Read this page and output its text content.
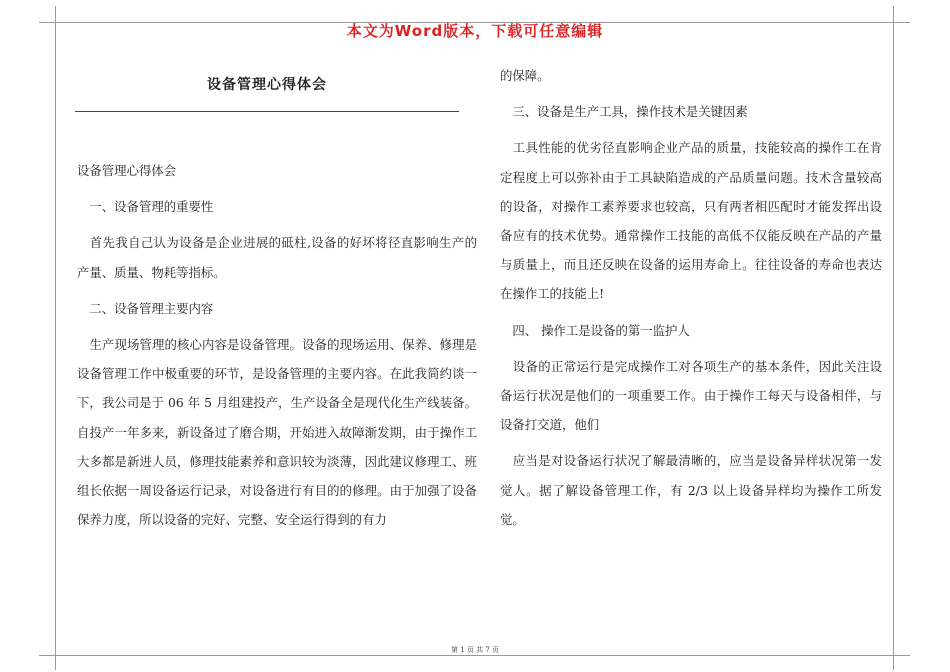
本文为Word版本，下载可任意编辑
设备管理心得体会

设备管理心得体会

　一、设备管理的重要性

　首先我自己认为设备是企业进展的砥柱,设备的好坏将径直影响生产的产量、质量、物耗等指标。

　二、设备管理主要内容

　生产现场管理的核心内容是设备管理。设备的现场运用、保养、修理是设备管理工作中极重要的环节，是设备管理的主要内容。在此我简约谈一下，我公司是于 06 年 5 月组建投产，生产设备全是现代化生产线装备。自投产一年多来，新设备过了磨合期，开始进入故障渐发期，由于操作工大多都是新进人员，修理技能素养和意识较为淡薄，因此建议修理工、班组长依据一周设备运行记录，对设备进行有目的的修理。由于加强了设备保养力度，所以设备的完好、完整、安全运行得到的有力

的保障。

　三、设备是生产工具，操作技术是关键因素

　工具性能的优劣径直影响企业产品的质量，技能较高的操作工在肯定程度上可以弥补由于工具缺陷造成的产品质量问题。技术含量较高的设备，对操作工素养要求也较高，只有两者相匹配时才能发挥出设备应有的技术优势。通常操作工技能的高低不仅能反映在产品的产量与质量上，而且还反映在设备的运用寿命上。往往设备的寿命也表达在操作工的技能上!

　四、 操作工是设备的第一监护人

　设备的正常运行是完成操作工对各项生产的基本条件，因此关注设备运行状况是他们的一项重要工作。由于操作工每天与设备相伴，与设备打交道，他们

　应当是对设备运行状况了解最清晰的，应当是设备异样状况第一发觉人。据了解设备管理工作，有 2/3 以上设备异样均为操作工所发觉。

第 1 页 共 7 页
